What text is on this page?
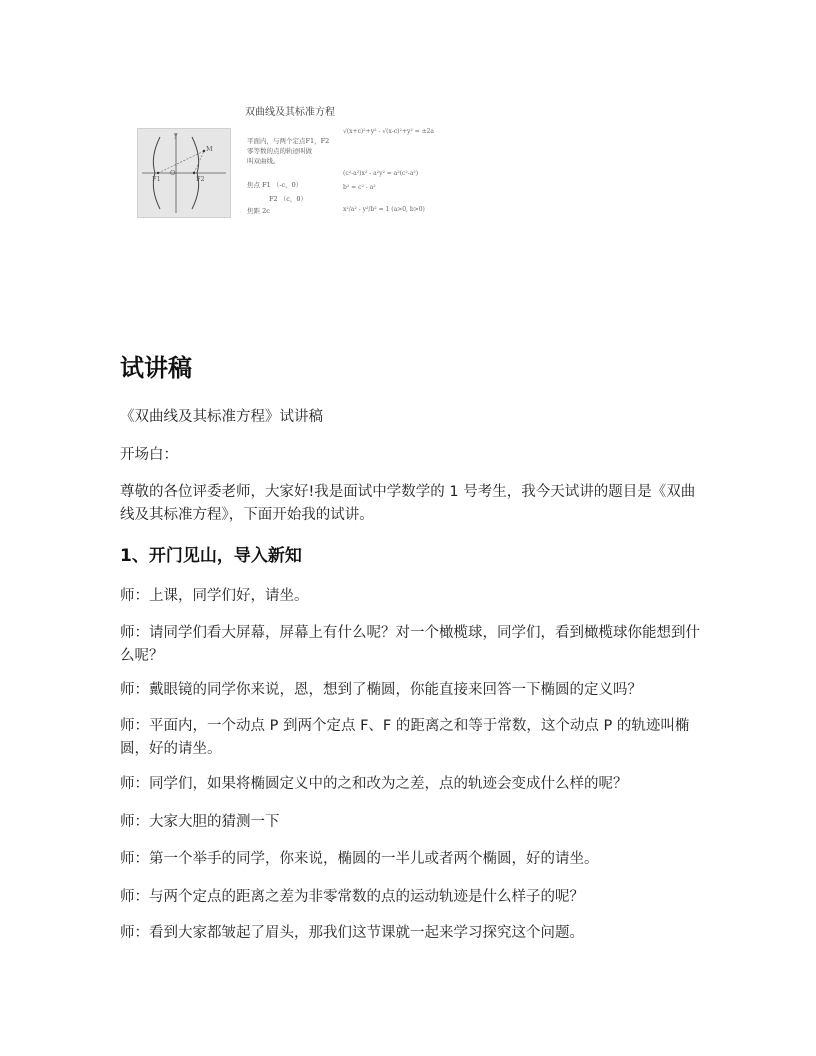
y
M
F1
O
F2
双曲线及其标准方程
平面内，与两个定点F1，F2
零等数的点的轨迹叫做
叫双曲线。
焦点 F1 （-c，0）
F2 （c，0）
焦距 2c
√(x+c)²+y² - √(x-c)²+y² = ±2a
(c²-a²)x² - a²y² = a²(c²-a²)
b² = c² - a²
x²/a² - y²/b² = 1 (a>0, b>0)
试讲稿

《双曲线及其标准方程》试讲稿

开场白：

尊敬的各位评委老师，大家好!我是面试中学数学的 1 号考生，我今天试讲的题目是《双曲线及其标准方程》，下面开始我的试讲。

1、开门见山，导入新知

师：上课，同学们好，请坐。

师：请同学们看大屏幕，屏幕上有什么呢？对一个橄榄球，同学们，看到橄榄球你能想到什么呢？

师：戴眼镜的同学你来说，恩，想到了椭圆，你能直接来回答一下椭圆的定义吗？

师：平面内，一个动点 P 到两个定点 F、F 的距离之和等于常数，这个动点 P 的轨迹叫椭圆，好的请坐。

师：同学们，如果将椭圆定义中的之和改为之差，点的轨迹会变成什么样的呢？

师：大家大胆的猜测一下

师：第一个举手的同学，你来说，椭圆的一半儿或者两个椭圆，好的请坐。

师：与两个定点的距离之差为非零常数的点的运动轨迹是什么样子的呢？

师：看到大家都皱起了眉头，那我们这节课就一起来学习探究这个问题。
